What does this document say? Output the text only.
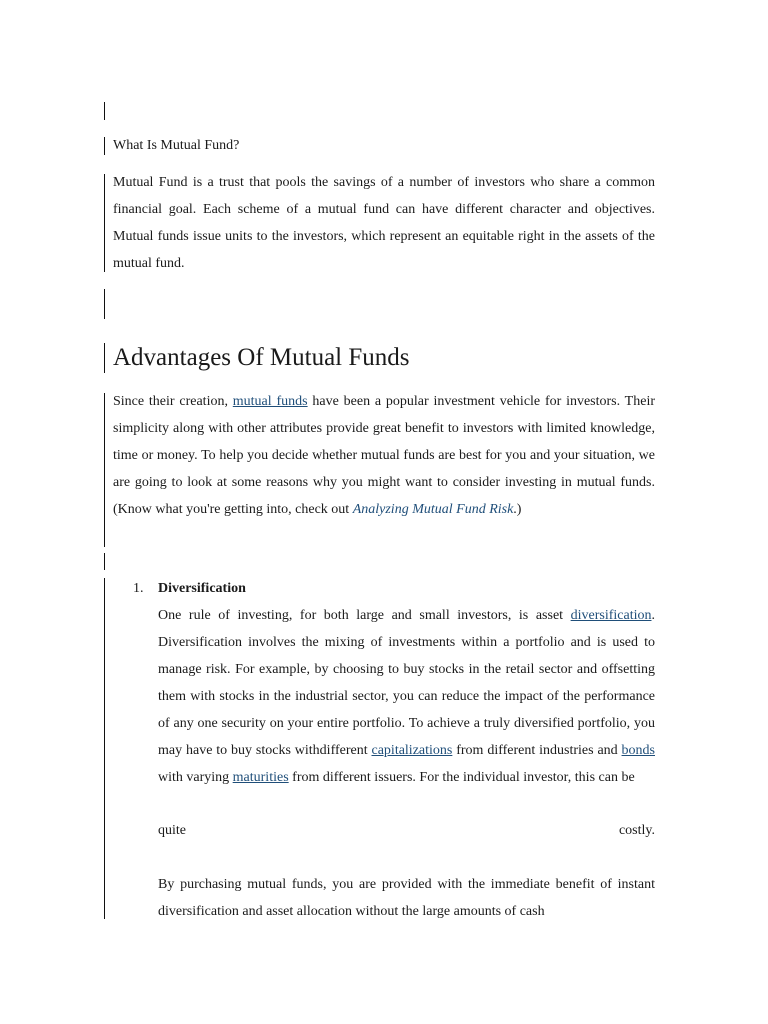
What Is Mutual Fund?
Mutual Fund is a trust that pools the savings of a number of investors who share a common financial goal. Each scheme of a mutual fund can have different character and objectives. Mutual funds issue units to the investors, which represent an equitable right in the assets of the mutual fund.
Advantages Of Mutual Funds
Since their creation, mutual funds have been a popular investment vehicle for investors. Their simplicity along with other attributes provide great benefit to investors with limited knowledge, time or money. To help you decide whether mutual funds are best for you and your situation, we are going to look at some reasons why you might want to consider investing in mutual funds. (Know what you're getting into, check out Analyzing Mutual Fund Risk.)
1. Diversification
One rule of investing, for both large and small investors, is asset diversification. Diversification involves the mixing of investments within a portfolio and is used to manage risk. For example, by choosing to buy stocks in the retail sector and offsetting them with stocks in the industrial sector, you can reduce the impact of the performance of any one security on your entire portfolio. To achieve a truly diversified portfolio, you may have to buy stocks withdifferent capitalizations from different industries and bonds with varying maturities from different issuers. For the individual investor, this can be
quite	costly.
By purchasing mutual funds, you are provided with the immediate benefit of instant diversification and asset allocation without the large amounts of cash
